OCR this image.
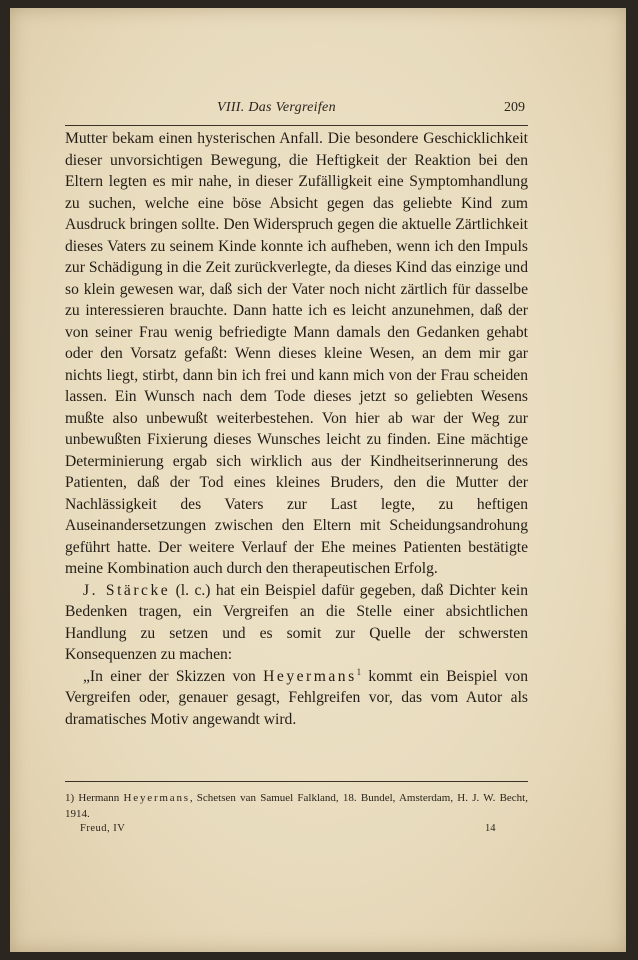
VIII. Das Vergreifen	209

Mutter bekam einen hysterischen Anfall. Die besondere Geschicklichkeit dieser unvorsichtigen Bewegung, die Heftigkeit der Reaktion bei den Eltern legten es mir nahe, in dieser Zufälligkeit eine Symptomhandlung zu suchen, welche eine böse Absicht gegen das geliebte Kind zum Ausdruck bringen sollte. Den Widerspruch gegen die aktuelle Zärtlichkeit dieses Vaters zu seinem Kinde konnte ich aufheben, wenn ich den Impuls zur Schädigung in die Zeit zurückverlegte, da dieses Kind das einzige und so klein gewesen war, daß sich der Vater noch nicht zärtlich für dasselbe zu interessieren brauchte. Dann hatte ich es leicht anzunehmen, daß der von seiner Frau wenig befriedigte Mann damals den Gedanken gehabt oder den Vorsatz gefaßt: Wenn dieses kleine Wesen, an dem mir gar nichts liegt, stirbt, dann bin ich frei und kann mich von der Frau scheiden lassen. Ein Wunsch nach dem Tode dieses jetzt so geliebten Wesens mußte also unbewußt weiterbestehen. Von hier ab war der Weg zur unbewußten Fixierung dieses Wunsches leicht zu finden. Eine mächtige Determinierung ergab sich wirklich aus der Kindheitserinnerung des Patienten, daß der Tod eines kleines Bruders, den die Mutter der Nachlässigkeit des Vaters zur Last legte, zu heftigen Auseinandersetzungen zwischen den Eltern mit Scheidungsandrohung geführt hatte. Der weitere Verlauf der Ehe meines Patienten bestätigte meine Kombination auch durch den therapeutischen Erfolg.

J. Stärcke (l. c.) hat ein Beispiel dafür gegeben, daß Dichter kein Bedenken tragen, ein Vergreifen an die Stelle einer absichtlichen Handlung zu setzen und es somit zur Quelle der schwersten Konsequenzen zu machen:

„In einer der Skizzen von Heyermans$^1$ kommt ein Beispiel von Vergreifen oder, genauer gesagt, Fehlgreifen vor, das vom Autor als dramatisches Motiv angewandt wird.

1) Hermann Heyermans, Schetsen van Samuel Falkland, 18. Bundel, Amsterdam, H. J. W. Becht, 1914.

Freud, IV	14
